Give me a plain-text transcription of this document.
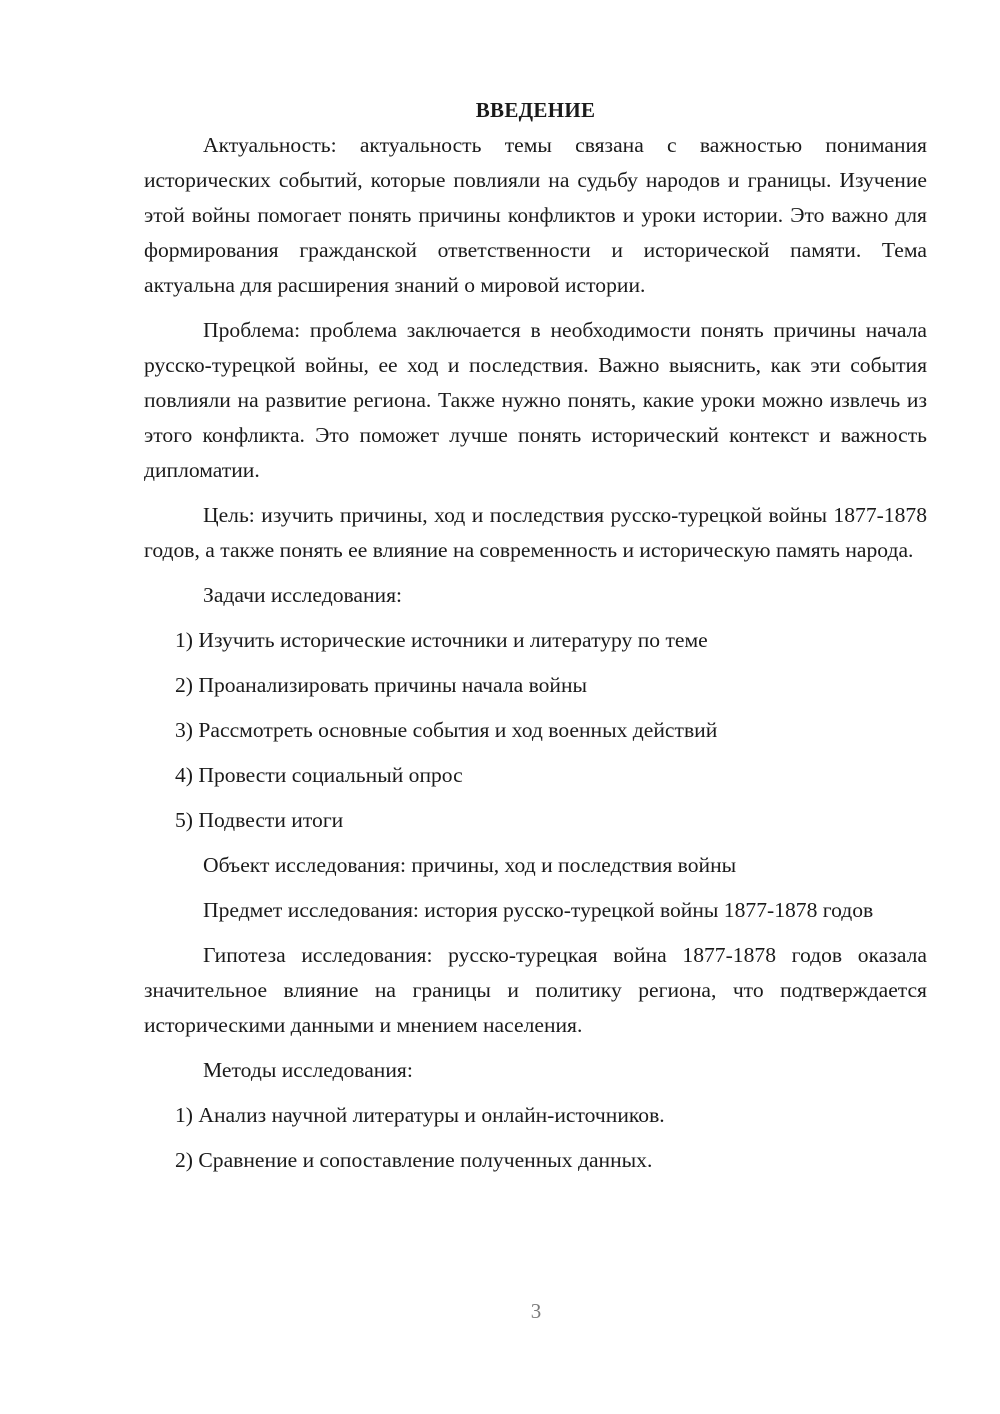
ВВЕДЕНИЕ

Актуальность: актуальность темы связана с важностью понимания исторических событий, которые повлияли на судьбу народов и границы. Изучение этой войны помогает понять причины конфликтов и уроки истории. Это важно для формирования гражданской ответственности и исторической памяти. Тема актуальна для расширения знаний о мировой истории.

Проблема: проблема заключается в необходимости понять причины начала русско-турецкой войны, ее ход и последствия. Важно выяснить, как эти события повлияли на развитие региона. Также нужно понять, какие уроки можно извлечь из этого конфликта. Это поможет лучше понять исторический контекст и важность дипломатии.

Цель: изучить причины, ход и последствия русско-турецкой войны 1877-1878 годов, а также понять ее влияние на современность и историческую память народа.

Задачи исследования:

1) Изучить исторические источники и литературу по теме

2) Проанализировать причины начала войны

3) Рассмотреть основные события и ход военных действий

4) Провести социальный опрос

5) Подвести итоги

Объект исследования: причины, ход и последствия войны

Предмет исследования: история русско-турецкой войны 1877-1878 годов

Гипотеза исследования: русско-турецкая война 1877-1878 годов оказала значительное влияние на границы и политику региона, что подтверждается историческими данными и мнением населения.

Методы исследования:

1) Анализ научной литературы и онлайн-источников.

2) Сравнение и сопоставление полученных данных.

3
